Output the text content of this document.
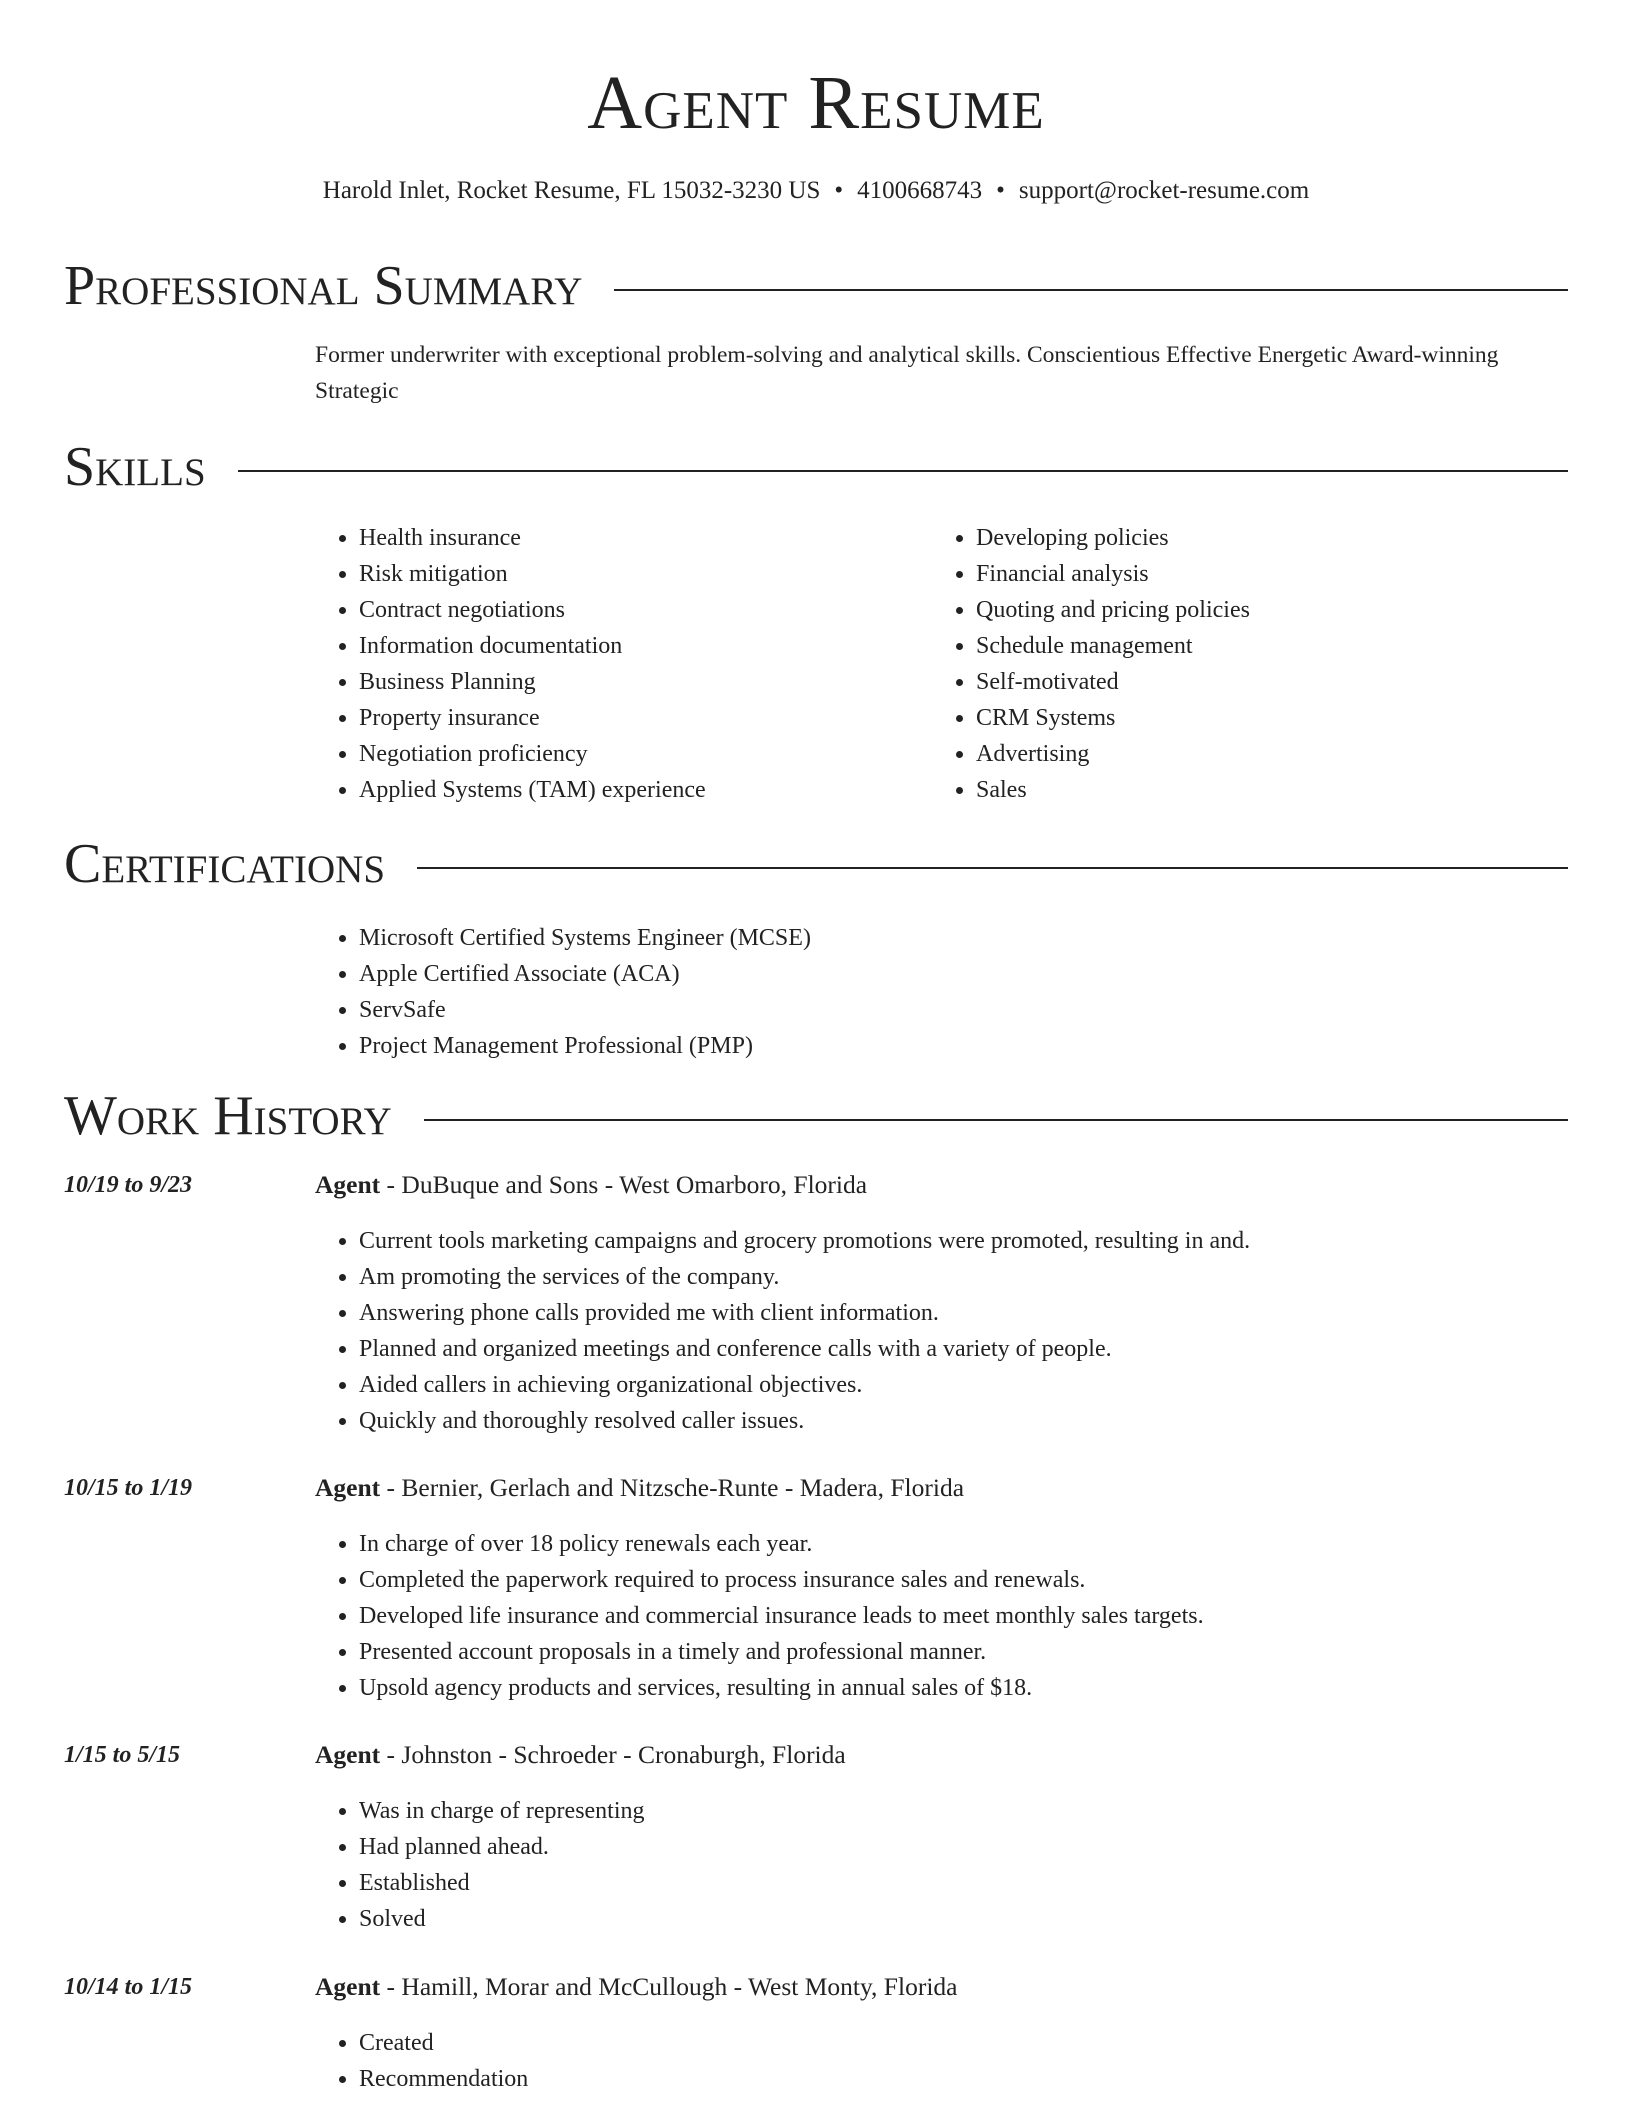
Agent Resume
Harold Inlet, Rocket Resume, FL 15032-3230 US • 4100668743 • support@rocket-resume.com
Professional Summary
Former underwriter with exceptional problem-solving and analytical skills. Conscientious Effective Energetic Award-winning Strategic
Skills
• Health insurance
• Risk mitigation
• Contract negotiations
• Information documentation
• Business Planning
• Property insurance
• Negotiation proficiency
• Applied Systems (TAM) experience
• Developing policies
• Financial analysis
• Quoting and pricing policies
• Schedule management
• Self-motivated
• CRM Systems
• Advertising
• Sales
Certifications
• Microsoft Certified Systems Engineer (MCSE)
• Apple Certified Associate (ACA)
• ServSafe
• Project Management Professional (PMP)
Work History
10/19 to 9/23	Agent - DuBuque and Sons - West Omarboro, Florida
• Current tools marketing campaigns and grocery promotions were promoted, resulting in and.
• Am promoting the services of the company.
• Answering phone calls provided me with client information.
• Planned and organized meetings and conference calls with a variety of people.
• Aided callers in achieving organizational objectives.
• Quickly and thoroughly resolved caller issues.
10/15 to 1/19	Agent - Bernier, Gerlach and Nitzsche-Runte - Madera, Florida
• In charge of over 18 policy renewals each year.
• Completed the paperwork required to process insurance sales and renewals.
• Developed life insurance and commercial insurance leads to meet monthly sales targets.
• Presented account proposals in a timely and professional manner.
• Upsold agency products and services, resulting in annual sales of $18.
1/15 to 5/15	Agent - Johnston - Schroeder - Cronaburgh, Florida
• Was in charge of representing
• Had planned ahead.
• Established
• Solved
10/14 to 1/15	Agent - Hamill, Morar and McCullough - West Monty, Florida
• Created
• Recommendation
